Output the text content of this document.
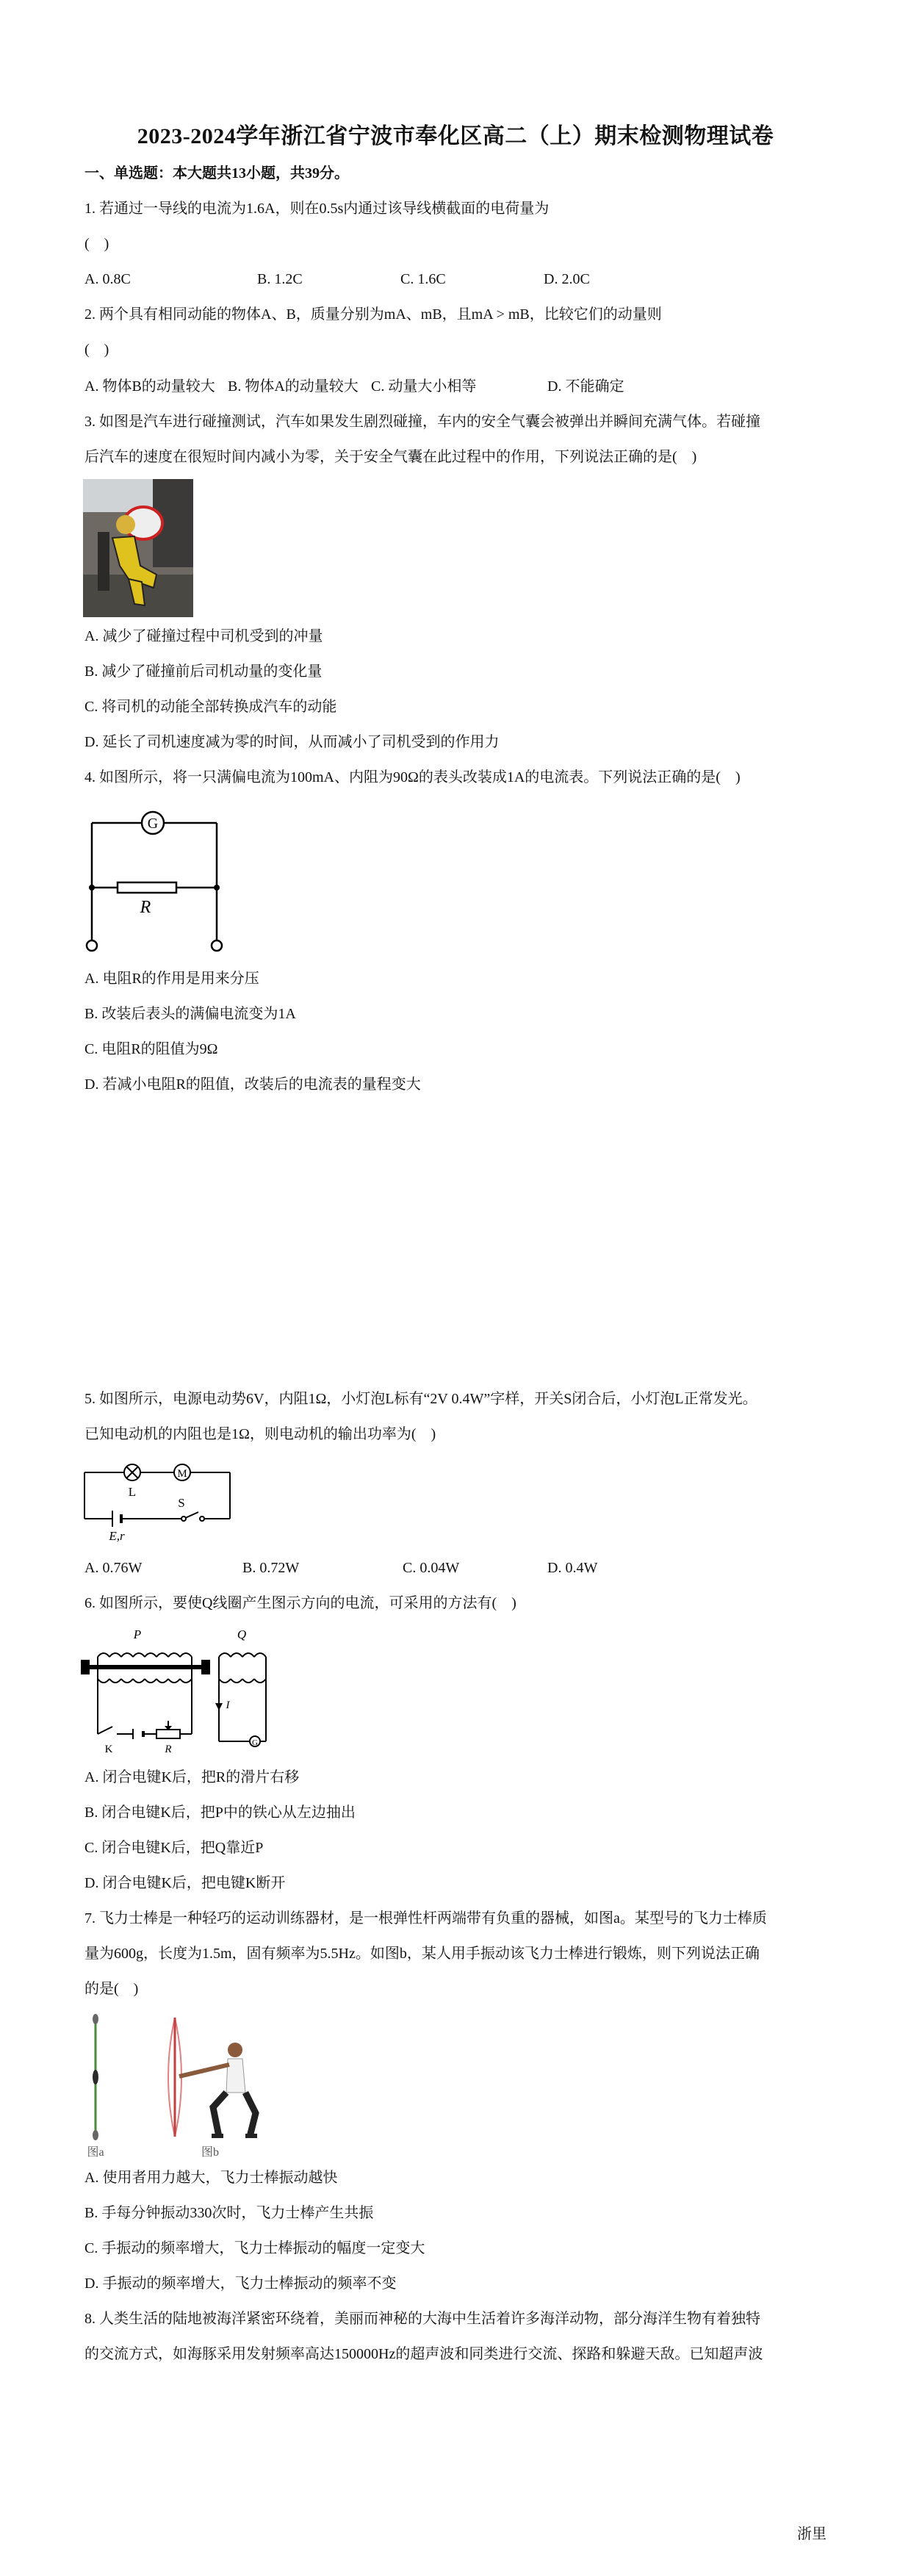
2023-2024学年浙江省宁波市奉化区高二（上）期末检测物理试卷
一、单选题：本大题共13小题，共39分。
1. 若通过一导线的电流为1.6A，则在0.5s内通过该导线横截面的电荷量为
(　)
A. 0.8C	B. 1.2C	C. 1.6C	D. 2.0C
2. 两个具有相同动能的物体A、B，质量分别为mA、mB，且mA > mB，比较它们的动量则
(　)
A. 物体B的动量较大 B. 物体A的动量较大 C. 动量大小相等	D. 不能确定
3. 如图是汽车进行碰撞测试，汽车如果发生剧烈碰撞，车内的安全气囊会被弹出并瞬间充满气体。若碰撞
后汽车的速度在很短时间内减小为零，关于安全气囊在此过程中的作用，下列说法正确的是(　)
A. 减少了碰撞过程中司机受到的冲量
B. 减少了碰撞前后司机动量的变化量
C. 将司机的动能全部转换成汽车的动能
D. 延长了司机速度减为零的时间，从而减小了司机受到的作用力
4. 如图所示，将一只满偏电流为100mA、内阻为90Ω的表头改装成1A的电流表。下列说法正确的是(　)
G
R
A. 电阻R的作用是用来分压
B. 改装后表头的满偏电流变为1A
C. 电阻R的阻值为9Ω
D. 若减小电阻R的阻值，改装后的电流表的量程变大
5. 如图所示，电源电动势6V，内阻1Ω，小灯泡L标有“2V 0.4W”字样，开关S闭合后，小灯泡L正常发光。
已知电动机的内阻也是1Ω，则电动机的输出功率为(　)
M
L
S
E,r
A. 0.76W	B. 0.72W	C. 0.04W	D. 0.4W
6. 如图所示，要使Q线圈产生图示方向的电流，可采用的方法有(　)
P	Q
I
G
K	R
A. 闭合电键K后，把R的滑片右移
B. 闭合电键K后，把P中的铁心从左边抽出
C. 闭合电键K后，把Q靠近P
D. 闭合电键K后，把电键K断开
7. 飞力士棒是一种轻巧的运动训练器材，是一根弹性杆两端带有负重的器械，如图a。某型号的飞力士棒质
量为600g，长度为1.5m，固有频率为5.5Hz。如图b，某人用手振动该飞力士棒进行锻炼，则下列说法正确
的是(　)
图a	图b
A. 使用者用力越大，飞力士棒振动越快
B. 手每分钟振动330次时，飞力士棒产生共振
C. 手振动的频率增大，飞力士棒振动的幅度一定变大
D. 手振动的频率增大，飞力士棒振动的频率不变
8. 人类生活的陆地被海洋紧密环绕着，美丽而神秘的大海中生活着许多海洋动物，部分海洋生物有着独特
的交流方式，如海豚采用发射频率高达150000Hz的超声波和同类进行交流、探路和躲避天敌。已知超声波
浙里
